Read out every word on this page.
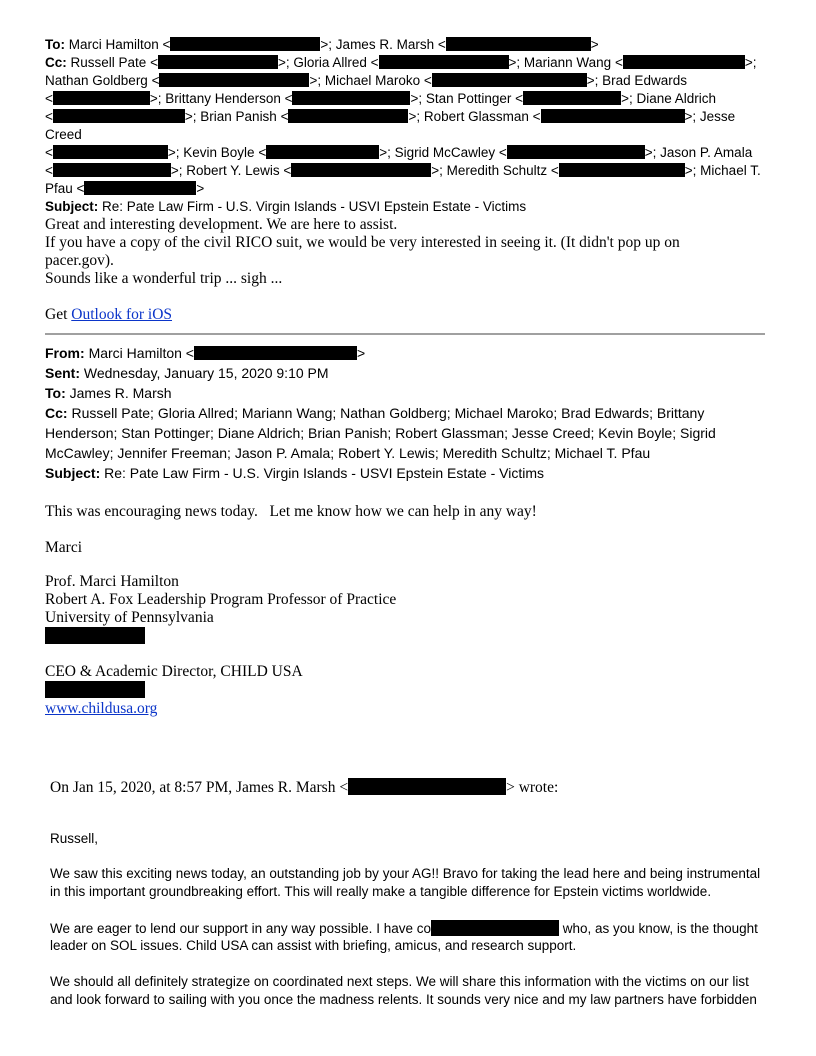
To: Marci Hamilton <	>; James R. Marsh <	>
Cc: Russell Pate <	>; Gloria Allred <	>; Mariann Wang <	>;
Nathan Goldberg <	>; Michael Maroko <	>; Brad Edwards
<	>; Brittany Henderson <	>; Stan Pottinger <	>; Diane Aldrich
<	>; Brian Panish <	>; Robert Glassman <	>; Jesse Creed
<	>; Kevin Boyle <	>; Sigrid McCawley <	>; Jason P. Amala
<	>; Robert Y. Lewis <	>; Meredith Schultz <	>; Michael T.
Pfau <	>
Subject: Re: Pate Law Firm - U.S. Virgin Islands - USVI Epstein Estate - Victims
Great and interesting development. We are here to assist.
If you have a copy of the civil RICO suit, we would be very interested in seeing it. (It didn't pop up on
pacer.gov).
Sounds like a wonderful trip ... sigh ...
Get Outlook for iOS
From: Marci Hamilton <	>
Sent: Wednesday, January 15, 2020 9:10 PM
To: James R. Marsh
Cc: Russell Pate; Gloria Allred; Mariann Wang; Nathan Goldberg; Michael Maroko; Brad Edwards; Brittany
Henderson; Stan Pottinger; Diane Aldrich; Brian Panish; Robert Glassman; Jesse Creed; Kevin Boyle; Sigrid
McCawley; Jennifer Freeman; Jason P. Amala; Robert Y. Lewis; Meredith Schultz; Michael T. Pfau
Subject: Re: Pate Law Firm - U.S. Virgin Islands - USVI Epstein Estate - Victims
This was encouraging news today.   Let me know how we can help in any way!
Marci
Prof. Marci Hamilton
Robert A. Fox Leadership Program Professor of Practice
University of Pennsylvania
CEO & Academic Director, CHILD USA
www.childusa.org
On Jan 15, 2020, at 8:57 PM, James R. Marsh <	> wrote:
Russell,
We saw this exciting news today, an outstanding job by your AG!! Bravo for taking the lead here and being instrumental
in this important groundbreaking effort. This will really make a tangible difference for Epstein victims worldwide.
We are eager to lend our support in any way possible. I have co	who, as you know, is the thought
leader on SOL issues. Child USA can assist with briefing, amicus, and research support.
We should all definitely strategize on coordinated next steps. We will share this information with the victims on our list
and look forward to sailing with you once the madness relents. It sounds very nice and my law partners have forbidden
